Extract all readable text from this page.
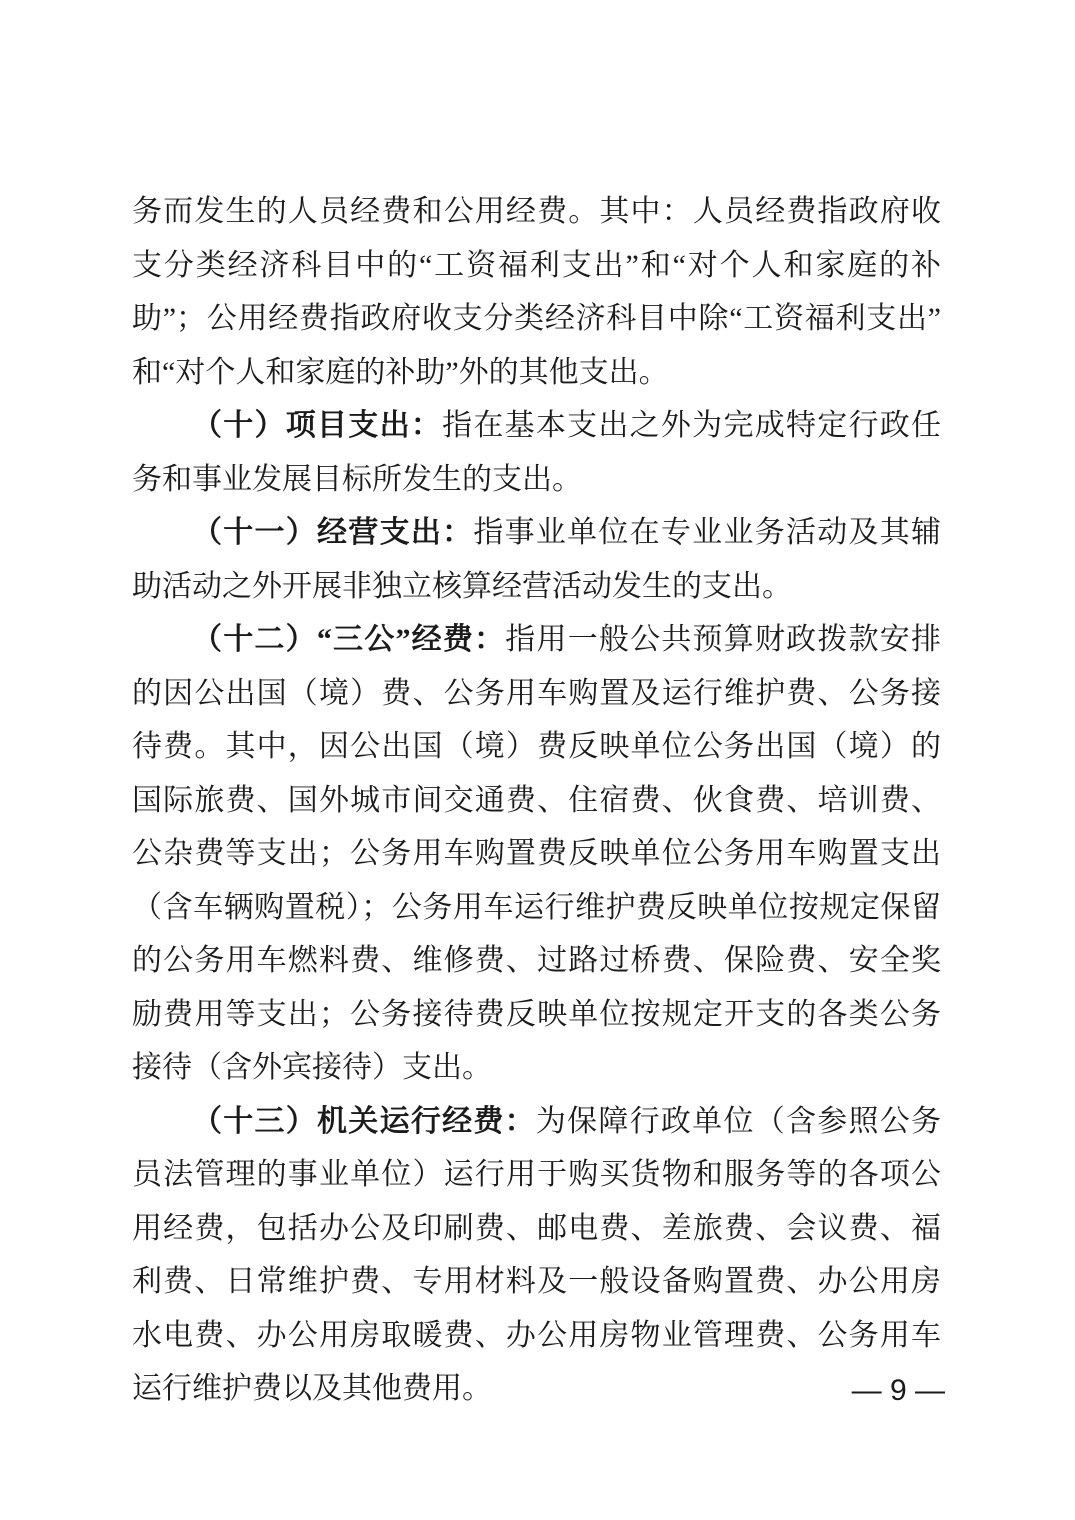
务而发生的人员经费和公用经费。其中：人员经费指政府收支分类经济科目中的“工资福利支出”和“对个人和家庭的补助”；公用经费指政府收支分类经济科目中除“工资福利支出”和“对个人和家庭的补助”外的其他支出。

（十）项目支出：指在基本支出之外为完成特定行政任务和事业发展目标所发生的支出。

（十一）经营支出：指事业单位在专业业务活动及其辅助活动之外开展非独立核算经营活动发生的支出。

（十二）“三公”经费：指用一般公共预算财政拨款安排的因公出国（境）费、公务用车购置及运行维护费、公务接待费。其中，因公出国（境）费反映单位公务出国（境）的国际旅费、国外城市间交通费、住宿费、伙食费、培训费、公杂费等支出；公务用车购置费反映单位公务用车购置支出（含车辆购置税）；公务用车运行维护费反映单位按规定保留的公务用车燃料费、维修费、过路过桥费、保险费、安全奖励费用等支出；公务接待费反映单位按规定开支的各类公务接待（含外宾接待）支出。

（十三）机关运行经费：为保障行政单位（含参照公务员法管理的事业单位）运行用于购买货物和服务等的各项公用经费，包括办公及印刷费、邮电费、差旅费、会议费、福利费、日常维护费、专用材料及一般设备购置费、办公用房水电费、办公用房取暖费、办公用房物业管理费、公务用车运行维护费以及其他费用。	— 9 —
